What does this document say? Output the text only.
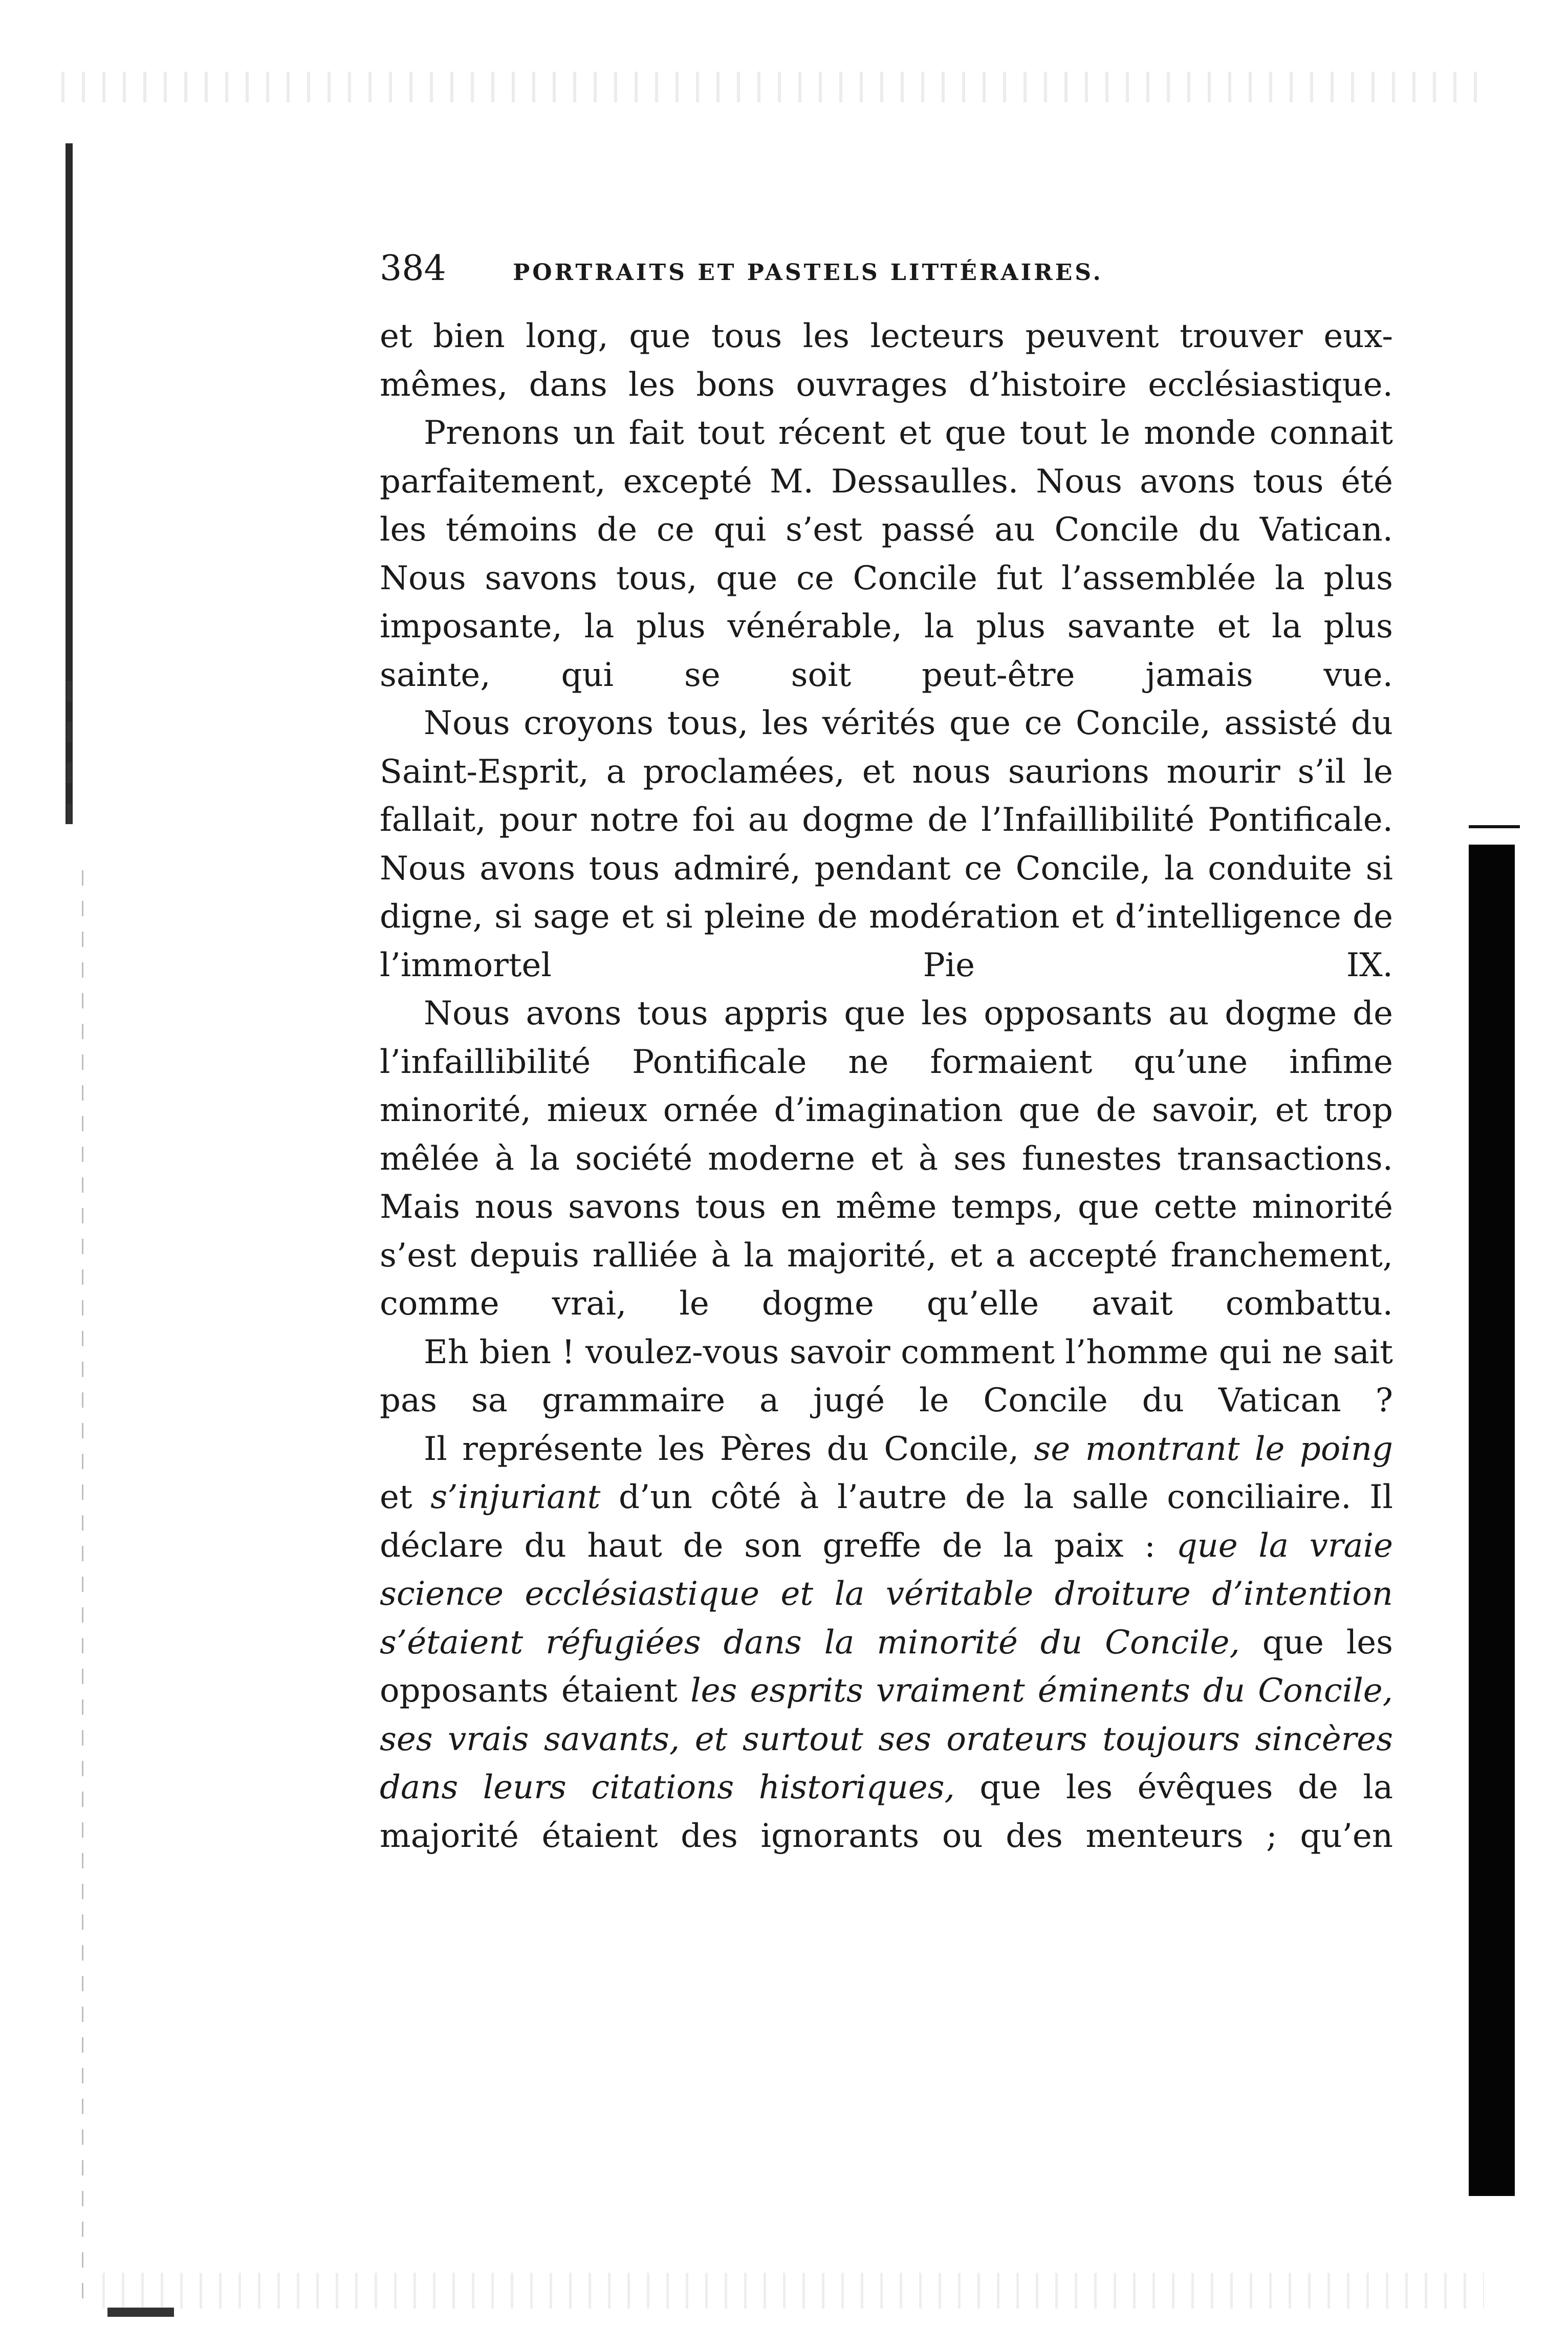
384	PORTRAITS ET PASTELS LITTÉRAIRES.

et bien long, que tous les lecteurs peuvent trouver eux-mêmes, dans les bons ouvrages d’histoire ecclésiastique.

Prenons un fait tout récent et que tout le monde connait parfaitement, excepté M. Dessaulles. Nous avons tous été les témoins de ce qui s’est passé au Concile du Vatican. Nous savons tous, que ce Concile fut l’assemblée la plus imposante, la plus vénérable, la plus savante et la plus sainte, qui se soit peut-être jamais vue.

Nous croyons tous, les vérités que ce Concile, assisté du Saint-Esprit, a proclamées, et nous saurions mourir s’il le fallait, pour notre foi au dogme de l’Infaillibilité Pontificale. Nous avons tous admiré, pendant ce Concile, la conduite si digne, si sage et si pleine de modération et d’intelligence de l’immortel Pie IX.

Nous avons tous appris que les opposants au dogme de l’infaillibilité Pontificale ne formaient qu’une infime minorité, mieux ornée d’imagination que de savoir, et trop mêlée à la société moderne et à ses funestes transactions. Mais nous savons tous en même temps, que cette minorité s’est depuis ralliée à la majorité, et a accepté franchement, comme vrai, le dogme qu’elle avait combattu.

Eh bien ! voulez-vous savoir comment l’homme qui ne sait pas sa grammaire a jugé le Concile du Vatican ?

Il représente les Pères du Concile, se montrant le poing et s’injuriant d’un côté à l’autre de la salle conciliaire. Il déclare du haut de son greffe de la paix : que la vraie science ecclésiastique et la véritable droiture d’intention s’étaient réfugiées dans la minorité du Concile, que les opposants étaient les esprits vraiment éminents du Concile, ses vrais savants, et surtout ses orateurs toujours sincères dans leurs citations historiques, que les évêques de la majorité étaient des ignorants ou des menteurs ; qu’en
